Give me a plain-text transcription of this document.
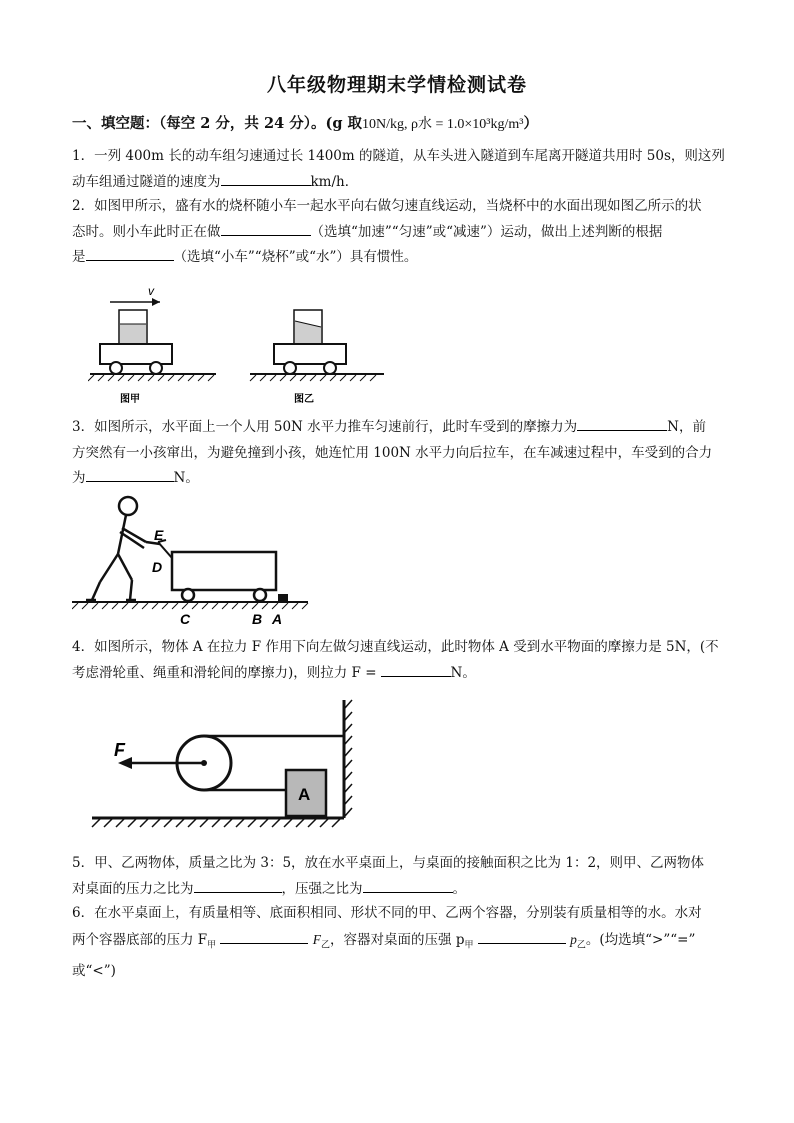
八年级物理期末学情检测试卷
一、填空题：（每空 2 分，共 24 分）。(g 取10N/kg, ρ水 = 1.0×10³kg/m³）
1．一列 400m 长的动车组匀速通过长 1400m 的隧道，从车头进入隧道到车尾离开隧道共用时 50s，则这列
动车组通过隧道的速度为	km/h．
2．如图甲所示，盛有水的烧杯随小车一起水平向右做匀速直线运动，当烧杯中的水面出现如图乙所示的状
态时。则小车此时正在做	（选填“加速”“匀速”或“减速”）运动，做出上述判断的根据
是	（选填“小车”“烧杯”或“水”）具有惯性。
v
图甲	图乙
3．如图所示，水平面上一个人用 50N 水平力推车匀速前行，此时车受到的摩擦力为	N，前
方突然有一小孩窜出，为避免撞到小孩，她连忙用 100N 水平力向后拉车，在车减速过程中，车受到的合力
为	N。
E
D
C	B A
4．如图所示，物体 A 在拉力 F 作用下向左做匀速直线运动，此时物体 A 受到水平物面的摩擦力是 5N，(不
考虑滑轮重、绳重和滑轮间的摩擦力)，则拉力 F =	N。
F
A
5．甲、乙两物体，质量之比为 3：5，放在水平桌面上，与桌面的接触面积之比为 1：2，则甲、乙两物体
对桌面的压力之比为	，压强之比为	。
6．在水平桌面上，有质量相等、底面积相同、形状不同的甲、乙两个容器，分别装有质量相等的水。水对
两个容器底部的压力 $F_甲$	$F_乙$，容器对桌面的压强 $p_甲$	$p_乙$。(均选填“>”“=”
或“<”)
